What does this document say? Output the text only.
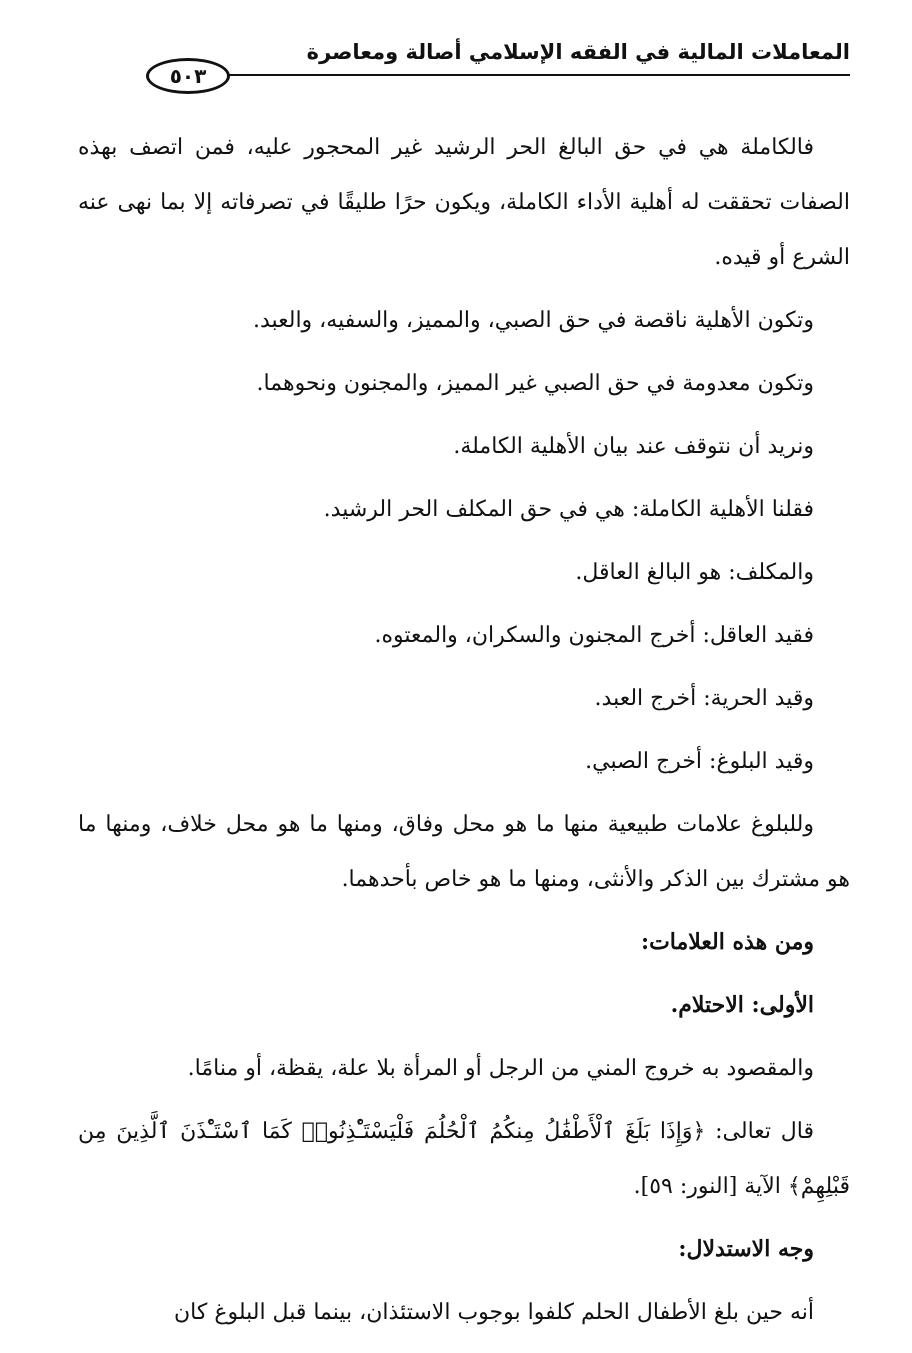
المعاملات المالية في الفقه الإسلامي أصالة ومعاصرة
٥٠٣

فالكاملة هي في حق البالغ الحر الرشيد غير المحجور عليه، فمن اتصف بهذه الصفات تحققت له أهلية الأداء الكاملة، ويكون حرًا طليقًا في تصرفاته إلا بما نهى عنه الشرع أو قيده.

وتكون الأهلية ناقصة في حق الصبي، والمميز، والسفيه، والعبد.

وتكون معدومة في حق الصبي غير المميز، والمجنون ونحوهما.

ونريد أن نتوقف عند بيان الأهلية الكاملة.

فقلنا الأهلية الكاملة: هي في حق المكلف الحر الرشيد.

والمكلف: هو البالغ العاقل.

فقيد العاقل: أخرج المجنون والسكران، والمعتوه.

وقيد الحرية: أخرج العبد.

وقيد البلوغ: أخرج الصبي.

وللبلوغ علامات طبيعية منها ما هو محل وفاق، ومنها ما هو محل خلاف، ومنها ما هو مشترك بين الذكر والأنثى، ومنها ما هو خاص بأحدهما.

ومن هذه العلامات:

الأولى: الاحتلام.

والمقصود به خروج المني من الرجل أو المرأة بلا علة، يقظة، أو منامًا.

قال تعالى: ﴿وَإِذَا بَلَغَ ٱلْأَطْفَٰلُ مِنكُمُ ٱلْحُلُمَ فَلْيَسْتَـْٔذِنُوا۟ كَمَا ٱسْتَـْٔذَنَ ٱلَّذِينَ مِن قَبْلِهِمْ﴾ الآية [النور: ٥٩].

وجه الاستدلال:

أنه حين بلغ الأطفال الحلم كلفوا بوجوب الاستئذان، بينما قبل البلوغ كان
